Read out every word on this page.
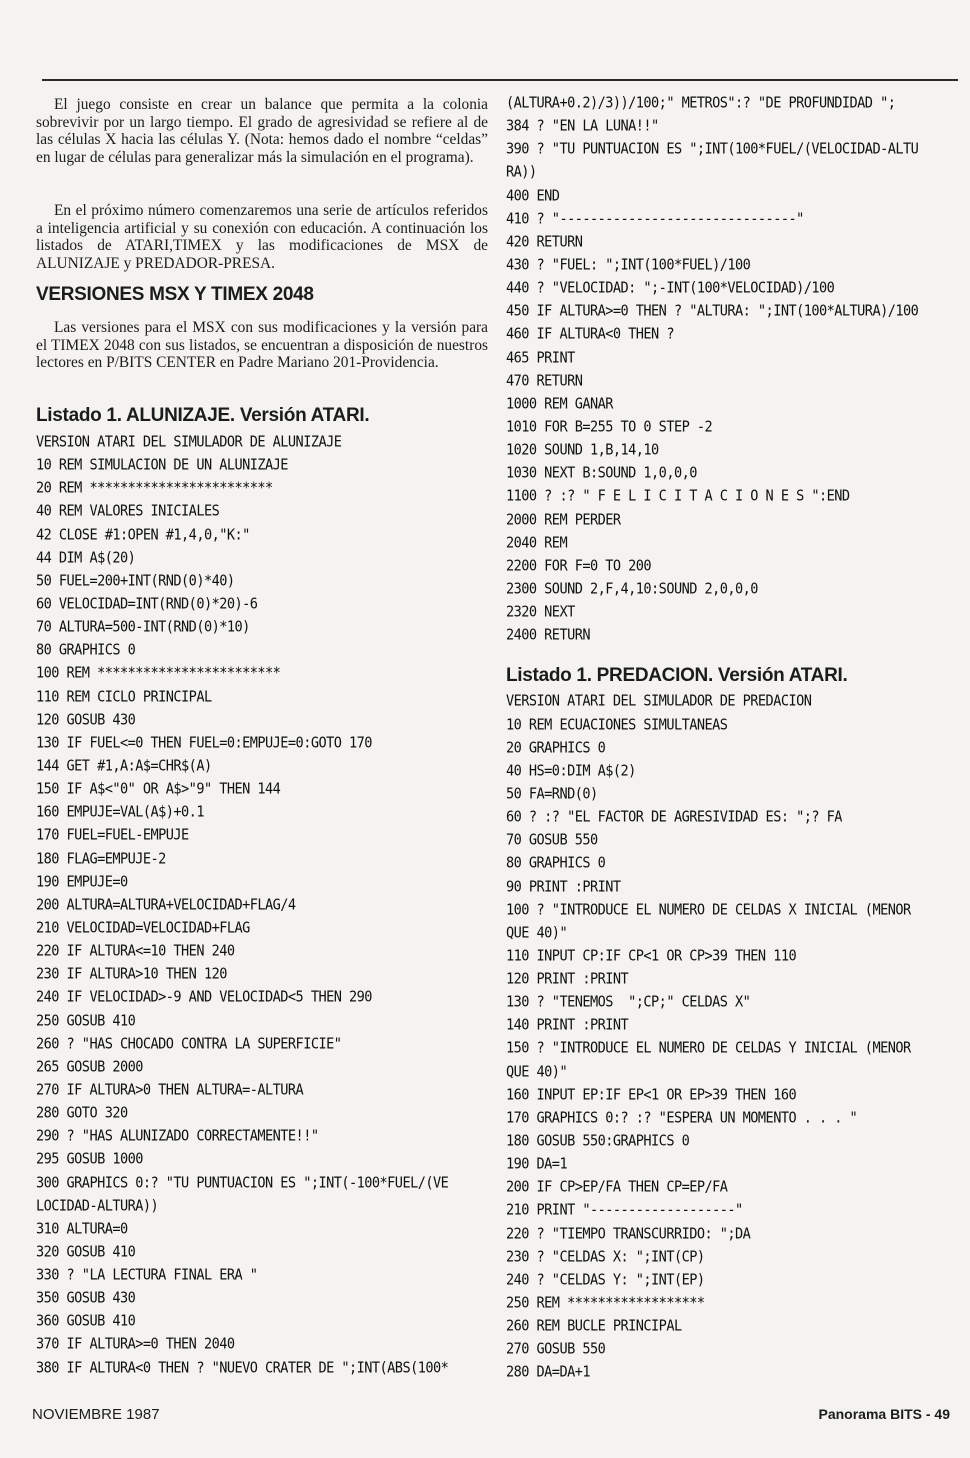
El juego consiste en crear un balance que permita a la colonia sobrevivir por un largo tiempo. El grado de agresividad se refiere al de las células X hacia las células Y. (Nota: hemos dado el nombre “celdas” en lugar de células para generalizar más la simulación en el programa).

En el próximo número comenzaremos una serie de artículos referidos a inteligencia artificial y su conexión con educación. A continuación los listados de ATARI,TIMEX y las modificaciones de MSX de ALUNIZAJE y PREDADOR-PRESA.

VERSIONES MSX Y TIMEX 2048

Las versiones para el MSX con sus modificaciones y la versión para el TIMEX 2048 con sus listados, se encuentran a disposición de nuestros lectores en P/BITS CENTER en Padre Mariano 201-Providencia.

Listado 1. ALUNIZAJE. Versión ATARI.
VERSION ATARI DEL SIMULADOR DE ALUNIZAJE
10 REM SIMULACION DE UN ALUNIZAJE
20 REM ************************
40 REM VALORES INICIALES
42 CLOSE #1:OPEN #1,4,0,"K:"
44 DIM A$(20)
50 FUEL=200+INT(RND(0)*40)
60 VELOCIDAD=INT(RND(0)*20)-6
70 ALTURA=500-INT(RND(0)*10)
80 GRAPHICS 0
100 REM ************************
110 REM CICLO PRINCIPAL
120 GOSUB 430
130 IF FUEL<=0 THEN FUEL=0:EMPUJE=0:GOTO 170
144 GET #1,A:A$=CHR$(A)
150 IF A$<"0" OR A$>"9" THEN 144
160 EMPUJE=VAL(A$)+0.1
170 FUEL=FUEL-EMPUJE
180 FLAG=EMPUJE-2
190 EMPUJE=0
200 ALTURA=ALTURA+VELOCIDAD+FLAG/4
210 VELOCIDAD=VELOCIDAD+FLAG
220 IF ALTURA<=10 THEN 240
230 IF ALTURA>10 THEN 120
240 IF VELOCIDAD>-9 AND VELOCIDAD<5 THEN 290
250 GOSUB 410
260 ? "HAS CHOCADO CONTRA LA SUPERFICIE"
265 GOSUB 2000
270 IF ALTURA>0 THEN ALTURA=-ALTURA
280 GOTO 320
290 ? "HAS ALUNIZADO CORRECTAMENTE!!"
295 GOSUB 1000
300 GRAPHICS 0:? "TU PUNTUACION ES ";INT(-100*FUEL/(VE
LOCIDAD-ALTURA))
310 ALTURA=0
320 GOSUB 410
330 ? "LA LECTURA FINAL ERA "
350 GOSUB 430
360 GOSUB 410
370 IF ALTURA>=0 THEN 2040
380 IF ALTURA<0 THEN ? "NUEVO CRATER DE ";INT(ABS(100*
(ALTURA+0.2)/3))/100;" METROS":? "DE PROFUNDIDAD ";
384 ? "EN LA LUNA!!"
390 ? "TU PUNTUACION ES ";INT(100*FUEL/(VELOCIDAD-ALTU
RA))
400 END
410 ? "-------------------------------"
420 RETURN
430 ? "FUEL: ";INT(100*FUEL)/100
440 ? "VELOCIDAD: ";-INT(100*VELOCIDAD)/100
450 IF ALTURA>=0 THEN ? "ALTURA: ";INT(100*ALTURA)/100
460 IF ALTURA<0 THEN ?
465 PRINT
470 RETURN
1000 REM GANAR
1010 FOR B=255 TO 0 STEP -2
1020 SOUND 1,B,14,10
1030 NEXT B:SOUND 1,0,0,0
1100 ? :? " F E L I C I T A C I O N E S ":END
2000 REM PERDER
2040 REM
2200 FOR F=0 TO 200
2300 SOUND 2,F,4,10:SOUND 2,0,0,0
2320 NEXT
2400 RETURN
Listado 1. PREDACION. Versión ATARI.
VERSION ATARI DEL SIMULADOR DE PREDACION
10 REM ECUACIONES SIMULTANEAS
20 GRAPHICS 0
40 HS=0:DIM A$(2)
50 FA=RND(0)
60 ? :? "EL FACTOR DE AGRESIVIDAD ES: ";? FA
70 GOSUB 550
80 GRAPHICS 0
90 PRINT :PRINT
100 ? "INTRODUCE EL NUMERO DE CELDAS X INICIAL (MENOR
QUE 40)"
110 INPUT CP:IF CP<1 OR CP>39 THEN 110
120 PRINT :PRINT
130 ? "TENEMOS  ";CP;" CELDAS X"
140 PRINT :PRINT
150 ? "INTRODUCE EL NUMERO DE CELDAS Y INICIAL (MENOR
QUE 40)"
160 INPUT EP:IF EP<1 OR EP>39 THEN 160
170 GRAPHICS 0:? :? "ESPERA UN MOMENTO . . . "
180 GOSUB 550:GRAPHICS 0
190 DA=1
200 IF CP>EP/FA THEN CP=EP/FA
210 PRINT "-------------------"
220 ? "TIEMPO TRANSCURRIDO: ";DA
230 ? "CELDAS X: ";INT(CP)
240 ? "CELDAS Y: ";INT(EP)
250 REM ******************
260 REM BUCLE PRINCIPAL
270 GOSUB 550
280 DA=DA+1
NOVIEMBRE 1987	Panorama BITS - 49
